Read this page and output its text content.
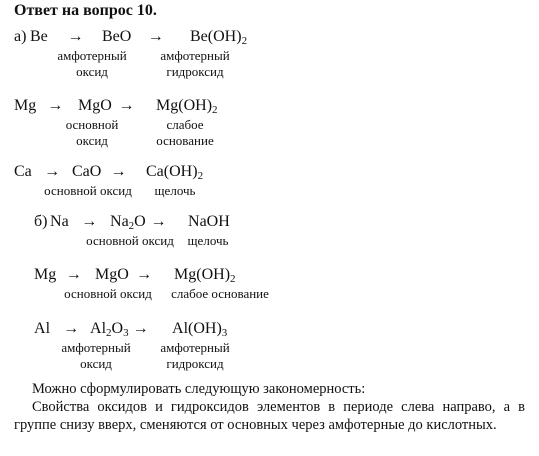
Ответ на вопрос 10.
а) Be → BeO → $Be(OH)_2$
амфотерный
оксид
амфотерный
гидроксид
Mg → MgO → $Mg(OH)_2$
основной
оксид
слабое
основание
Ca → CaO → $Ca(OH)_2$
основной оксид щелочь
б) $Na \to Na_2O$ → NaOH
основной оксид щелочь
Mg → MgO → $Mg(OH)_2$
основной оксид слабое основание
$Al \to Al_2O_3 \to Al(OH)_3$
амфотерный
оксид
амфотерный
гидроксид

Можно сформулировать следующую закономерность:

Свойства оксидов и гидроксидов элементов в периоде слева направо, а в группе снизу вверх, сменяются от основных через амфотерные до кислотных.
